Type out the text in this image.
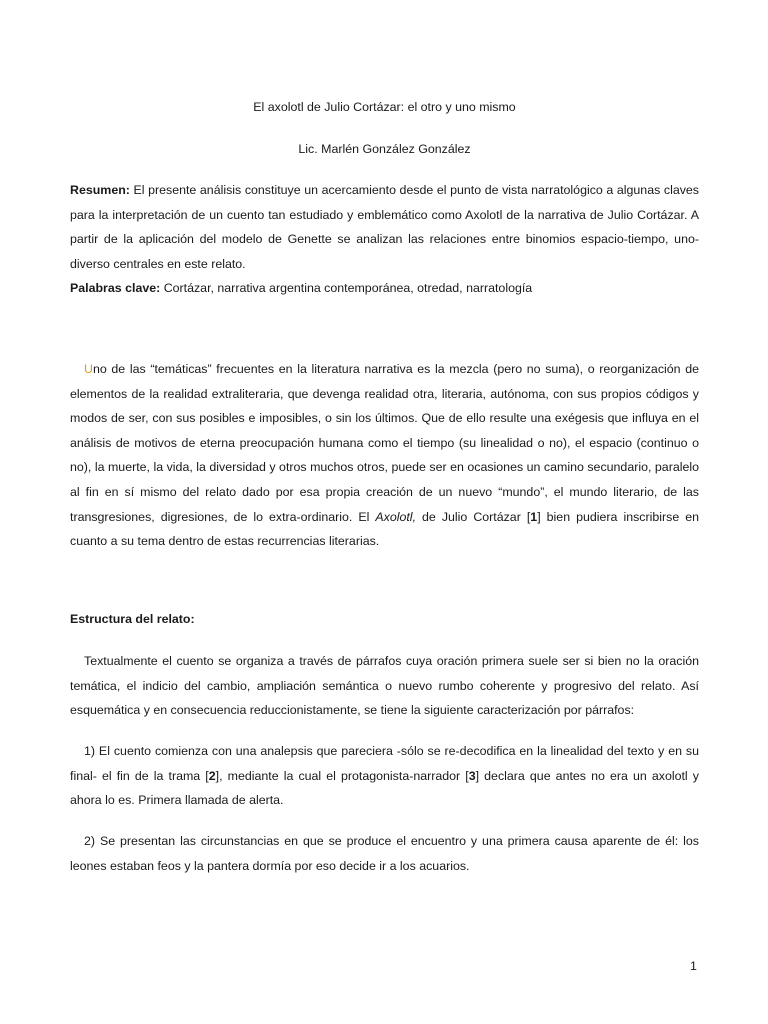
El axolotl de Julio Cortázar: el otro y uno mismo
Lic. Marlén González González
Resumen: El presente análisis constituye un acercamiento desde el punto de vista narratológico a algunas claves para la interpretación de un cuento tan estudiado y emblemático como Axolotl de la narrativa de Julio Cortázar. A partir de la aplicación del modelo de Genette se analizan las relaciones entre binomios espacio-tiempo, uno-diverso centrales en este relato.
Palabras clave: Cortázar, narrativa argentina contemporánea, otredad, narratología
Uno de las “temáticas” frecuentes en la literatura narrativa es la mezcla (pero no suma), o reorganización de elementos de la realidad extraliteraria, que devenga realidad otra, literaria, autónoma, con sus propios códigos y modos de ser, con sus posibles e imposibles, o sin los últimos. Que de ello resulte una exégesis que influya en el análisis de motivos de eterna preocupación humana como el tiempo (su linealidad o no), el espacio (continuo o no), la muerte, la vida, la diversidad y otros muchos otros, puede ser en ocasiones un camino secundario, paralelo al fin en sí mismo del relato dado por esa propia creación de un nuevo “mundo”, el mundo literario, de las transgresiones, digresiones, de lo extra-ordinario. El Axolotl, de Julio Cortázar [1] bien pudiera inscribirse en cuanto a su tema dentro de estas recurrencias literarias.
Estructura del relato:
Textualmente el cuento se organiza a través de párrafos cuya oración primera suele ser si bien no la oración temática, el indicio del cambio, ampliación semántica o nuevo rumbo coherente y progresivo del relato. Así esquemática y en consecuencia reduccionistamente, se tiene la siguiente caracterización por párrafos:
1) El cuento comienza con una analepsis que pareciera -sólo se re-decodifica en la linealidad del texto y en su final- el fin de la trama [2], mediante la cual el protagonista-narrador [3] declara que antes no era un axolotl y ahora lo es. Primera llamada de alerta.
2) Se presentan las circunstancias en que se produce el encuentro y una primera causa aparente de él: los leones estaban feos y la pantera dormía por eso decide ir a los acuarios.
1
